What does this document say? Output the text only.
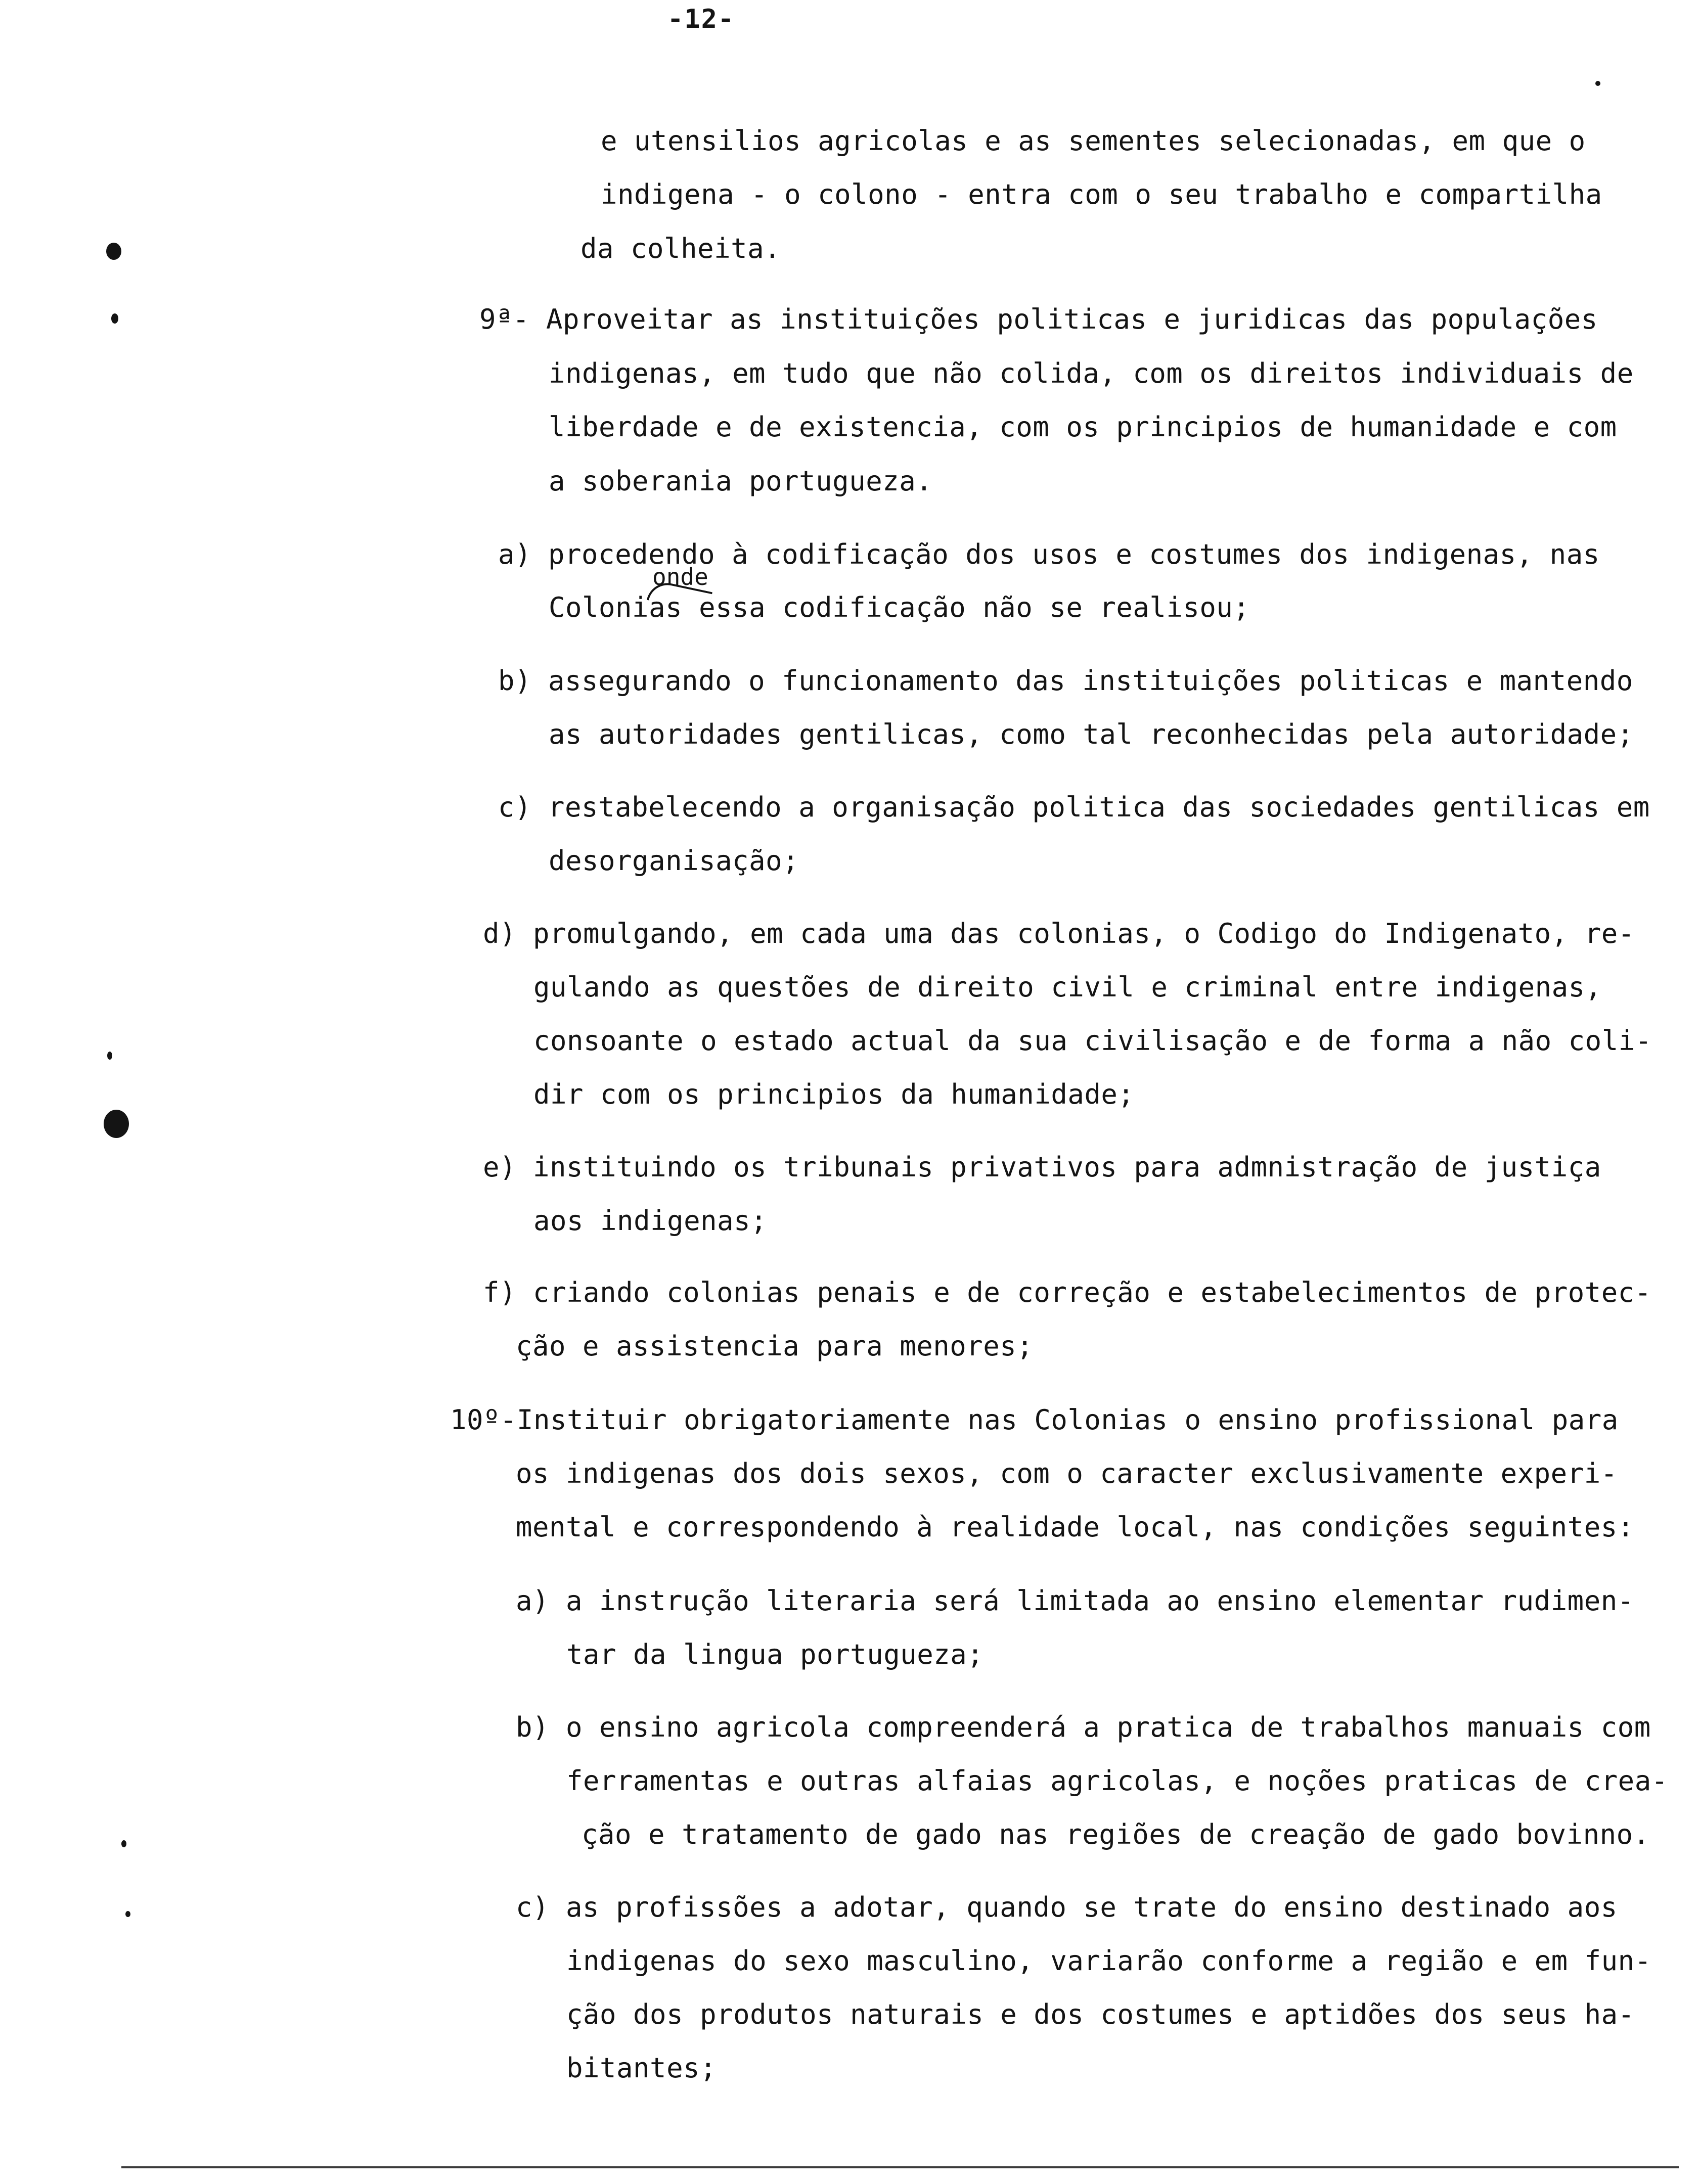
-12-
e utensilios agricolas e as sementes selecionadas, em que o
indigena - o colono - entra com o seu trabalho e compartilha
da colheita.
9ª- Aproveitar as instituições politicas e juridicas das populações
indigenas, em tudo que não colida, com os direitos individuais de
liberdade e de existencia, com os principios de humanidade e com
a soberania portugueza.
a) procedendo à codificação dos usos e costumes dos indigenas, nas
onde
Colonias essa codificação não se realisou;
b) assegurando o funcionamento das instituições politicas e mantendo
as autoridades gentilicas, como tal reconhecidas pela autoridade;
c) restabelecendo a organisação politica das sociedades gentilicas em
desorganisação;
d) promulgando, em cada uma das colonias, o Codigo do Indigenato, re-
gulando as questões de direito civil e criminal entre indigenas,
consoante o estado actual da sua civilisação e de forma a não coli-
dir com os principios da humanidade;
e) instituindo os tribunais privativos para admnistração de justiça
aos indigenas;
f) criando colonias penais e de correção e estabelecimentos de protec-
ção e assistencia para menores;
10º-Instituir obrigatoriamente nas Colonias o ensino profissional para
os indigenas dos dois sexos, com o caracter exclusivamente experi-
mental e correspondendo à realidade local, nas condições seguintes:
a) a instrução literaria será limitada ao ensino elementar rudimen-
tar da lingua portugueza;
b) o ensino agricola compreenderá a pratica de trabalhos manuais com
ferramentas e outras alfaias agricolas, e noções praticas de crea-
ção e tratamento de gado nas regiões de creação de gado bovinno.
c) as profissões a adotar, quando se trate do ensino destinado aos
indigenas do sexo masculino, variarão conforme a região e em fun-
ção dos produtos naturais e dos costumes e aptidões dos seus ha-
bitantes;
